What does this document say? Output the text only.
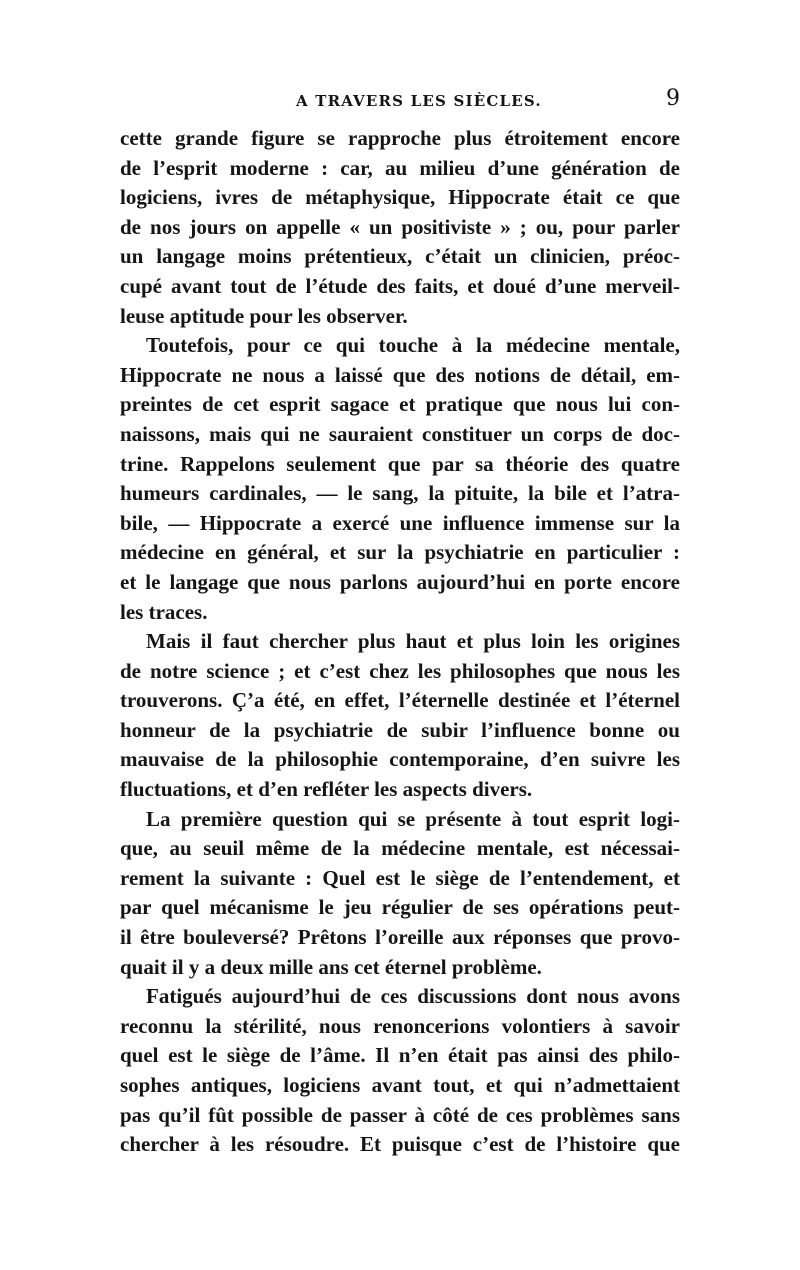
A TRAVERS LES SIÈCLES.	9
cette grande figure se rapproche plus étroitement encore
de l’esprit moderne : car, au milieu d’une génération de
logiciens, ivres de métaphysique, Hippocrate était ce que
de nos jours on appelle « un positiviste » ; ou, pour parler
un langage moins prétentieux, c’était un clinicien, préoc-
cupé avant tout de l’étude des faits, et doué d’une merveil-
leuse aptitude pour les observer.
Toutefois, pour ce qui touche à la médecine mentale,
Hippocrate ne nous a laissé que des notions de détail, em-
preintes de cet esprit sagace et pratique que nous lui con-
naissons, mais qui ne sauraient constituer un corps de doc-
trine. Rappelons seulement que par sa théorie des quatre
humeurs cardinales, — le sang, la pituite, la bile et l’atra-
bile, — Hippocrate a exercé une influence immense sur la
médecine en général, et sur la psychiatrie en particulier :
et le langage que nous parlons aujourd’hui en porte encore
les traces.
Mais il faut chercher plus haut et plus loin les origines
de notre science ; et c’est chez les philosophes que nous les
trouverons. Ç’a été, en effet, l’éternelle destinée et l’éternel
honneur de la psychiatrie de subir l’influence bonne ou
mauvaise de la philosophie contemporaine, d’en suivre les
fluctuations, et d’en refléter les aspects divers.
La première question qui se présente à tout esprit logi-
que, au seuil même de la médecine mentale, est nécessai-
rement la suivante : Quel est le siège de l’entendement, et
par quel mécanisme le jeu régulier de ses opérations peut-
il être bouleversé? Prêtons l’oreille aux réponses que provo-
quait il y a deux mille ans cet éternel problème.
Fatigués aujourd’hui de ces discussions dont nous avons
reconnu la stérilité, nous renoncerions volontiers à savoir
quel est le siège de l’âme. Il n’en était pas ainsi des philo-
sophes antiques, logiciens avant tout, et qui n’admettaient
pas qu’il fût possible de passer à côté de ces problèmes sans
chercher à les résoudre. Et puisque c’est de l’histoire que
